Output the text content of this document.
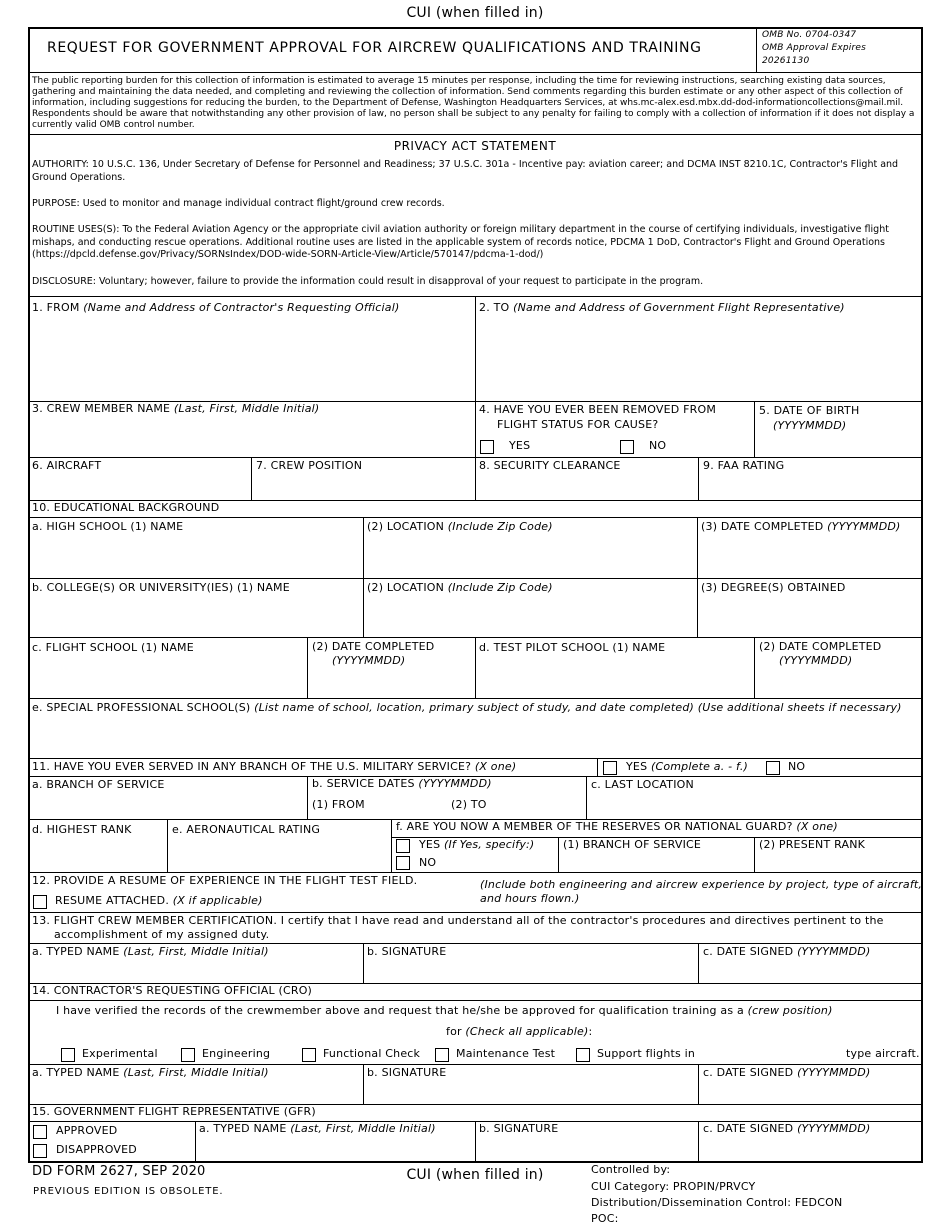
CUI (when filled in)
REQUEST FOR GOVERNMENT APPROVAL FOR AIRCREW QUALIFICATIONS AND TRAINING
OMB No. 0704-0347
OMB Approval Expires
20261130
The public reporting burden for this collection of information is estimated to average 15 minutes per response, including the time for reviewing instructions, searching existing data sources, gathering and maintaining the data needed, and completing and reviewing the collection of information. Send comments regarding this burden estimate or any other aspect of this collection of information, including suggestions for reducing the burden, to the Department of Defense, Washington Headquarters Services, at whs.mc-alex.esd.mbx.dd-dod-informationcollections@mail.mil. Respondents should be aware that notwithstanding any other provision of law, no person shall be subject to any penalty for failing to comply with a collection of information if it does not display a currently valid OMB control number.
PRIVACY ACT STATEMENT
AUTHORITY: 10 U.S.C. 136, Under Secretary of Defense for Personnel and Readiness; 37 U.S.C. 301a - Incentive pay: aviation career; and DCMA INST 8210.1C, Contractor's Flight and Ground Operations.
PURPOSE: Used to monitor and manage individual contract flight/ground crew records.
ROUTINE USES(S): To the Federal Aviation Agency or the appropriate civil aviation authority or foreign military department in the course of certifying individuals, investigative flight mishaps, and conducting rescue operations. Additional routine uses are listed in the applicable system of records notice, PDCMA 1 DoD, Contractor's Flight and Ground Operations (https://dpcld.defense.gov/Privacy/SORNsIndex/DOD-wide-SORN-Article-View/Article/570147/pdcma-1-dod/)
DISCLOSURE: Voluntary; however, failure to provide the information could result in disapproval of your request to participate in the program.
1. FROM (Name and Address of Contractor's Requesting Official)	2. TO (Name and Address of Government Flight Representative)
3. CREW MEMBER NAME (Last, First, Middle Initial)	4. HAVE YOU EVER BEEN REMOVED FROM
FLIGHT STATUS FOR CAUSE?
YES	NO
5. DATE OF BIRTH
(YYYYMMDD)
6. AIRCRAFT	7. CREW POSITION	8. SECURITY CLEARANCE	9. FAA RATING
10. EDUCATIONAL BACKGROUND
a. HIGH SCHOOL (1) NAME	(2) LOCATION (Include Zip Code)	(3) DATE COMPLETED (YYYYMMDD)
b. COLLEGE(S) OR UNIVERSITY(IES) (1) NAME	(2) LOCATION (Include Zip Code)	(3) DEGREE(S) OBTAINED
c. FLIGHT SCHOOL (1) NAME	(2) DATE COMPLETED
(YYYYMMDD)
d. TEST PILOT SCHOOL (1) NAME	(2) DATE COMPLETED
(YYYYMMDD)
e. SPECIAL PROFESSIONAL SCHOOL(S) (List name of school, location, primary subject of study, and date completed) (Use additional sheets if necessary)
11. HAVE YOU EVER SERVED IN ANY BRANCH OF THE U.S. MILITARY SERVICE? (X one)	YES (Complete a. - f.)	NO
a. BRANCH OF SERVICE	b. SERVICE DATES (YYYYMMDD)
(1) FROM	(2) TO
c. LAST LOCATION
d. HIGHEST RANK	e. AERONAUTICAL RATING	f. ARE YOU NOW A MEMBER OF THE RESERVES OR NATIONAL GUARD? (X one)
YES (If Yes, specify:)
NO
(1) BRANCH OF SERVICE	(2) PRESENT RANK
12. PROVIDE A RESUME OF EXPERIENCE IN THE FLIGHT TEST FIELD.
RESUME ATTACHED. (X if applicable)
(Include both engineering and aircrew experience by project, type of aircraft,
and hours flown.)
13. FLIGHT CREW MEMBER CERTIFICATION. I certify that I have read and understand all of the contractor's procedures and directives pertinent to the
accomplishment of my assigned duty.
a. TYPED NAME (Last, First, Middle Initial)	b. SIGNATURE	c. DATE SIGNED (YYYYMMDD)
14. CONTRACTOR'S REQUESTING OFFICIAL (CRO)
I have verified the records of the crewmember above and request that he/she be approved for qualification training as a (crew position)
for (Check all applicable):
Experimental	Engineering	Functional Check	Maintenance Test	Support flights in	type aircraft.
a. TYPED NAME (Last, First, Middle Initial)	b. SIGNATURE	c. DATE SIGNED (YYYYMMDD)
15. GOVERNMENT FLIGHT REPRESENTATIVE (GFR)
APPROVED
DISAPPROVED
a. TYPED NAME (Last, First, Middle Initial)	b. SIGNATURE	c. DATE SIGNED (YYYYMMDD)
DD FORM 2627, SEP 2020
PREVIOUS EDITION IS OBSOLETE.
CUI (when filled in)	Controlled by:
CUI Category: PROPIN/PRVCY
Distribution/Dissemination Control: FEDCON
POC:
